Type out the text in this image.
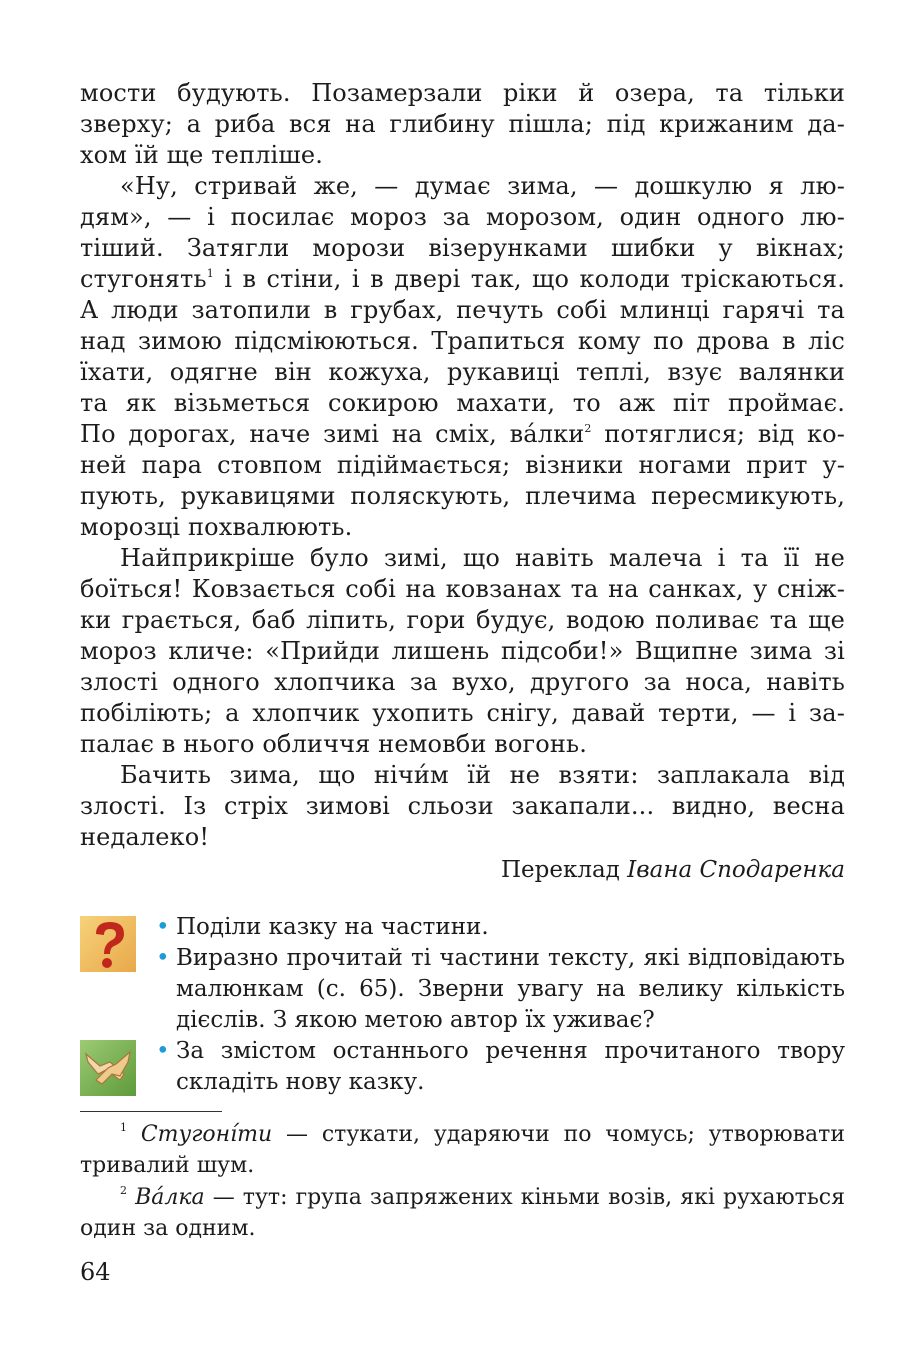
мости будують. Позамерзали ріки й озера, та тільки
зверху; а риба вся на глибину пішла; під крижаним да-
хом їй ще тепліше.

«Ну, стривай же, — думає зима, — дошкулю я лю-
дям», — і посилає мороз за морозом, один одного лю-
тіший. Затягли морози візерунками шибки у вікнах;
стугонять$^1$ і в стіни, і в двері так, що колоди тріскаються.
А люди затопили в грубах, печуть собі млинці гарячі та
над зимою підсміюються. Трапиться кому по дрова в ліс
їхати, одягне він кожуха, рукавиці теплі, взує валянки
та як візьметься сокирою махати, то аж піт проймає.
По дорогах, наче зимі на сміх, ва́лки$^2$ потяглися; від ко-
ней пара стовпом підіймається; візники ногами прит у-
пують, рукавицями поляскують, плечима пересмикують,
морозці похвалюють.

Найприкріше було зимі, що навіть малеча і та її не
боїться! Ковзається собі на ковзанах та на санках, у сніж-
ки грається, баб ліпить, гори будує, водою поливає та ще
мороз кличе: «Прийди лишень підсоби!» Вщипне зима зі
злості одного хлопчика за вухо, другого за носа, навіть
побіліють; а хлопчик ухопить снігу, давай терти, — і за-
палає в нього обличчя немовби вогонь.

Бачить зима, що нічи́м їй не взяти: заплакала від
злості. Із стріх зимові сльози закапали... видно, весна
недалеко!

Переклад Івана Сподаренка
• Поділи казку на частини.
• Виразно прочитай ті частини тексту, які відповідають малюнкам (с. 65). Зверни увагу на велику кількість дієслів. З якою метою автор їх уживає?
• За змістом останнього речення прочитаного твору складіть нову казку.
$^1$ Стугоні́ти — стукати, ударяючи по чомусь; утворювати тривалий шум.
$^2$ Ва́лка — тут: група запряжених кіньми возів, які рухаються один за одним.
64
